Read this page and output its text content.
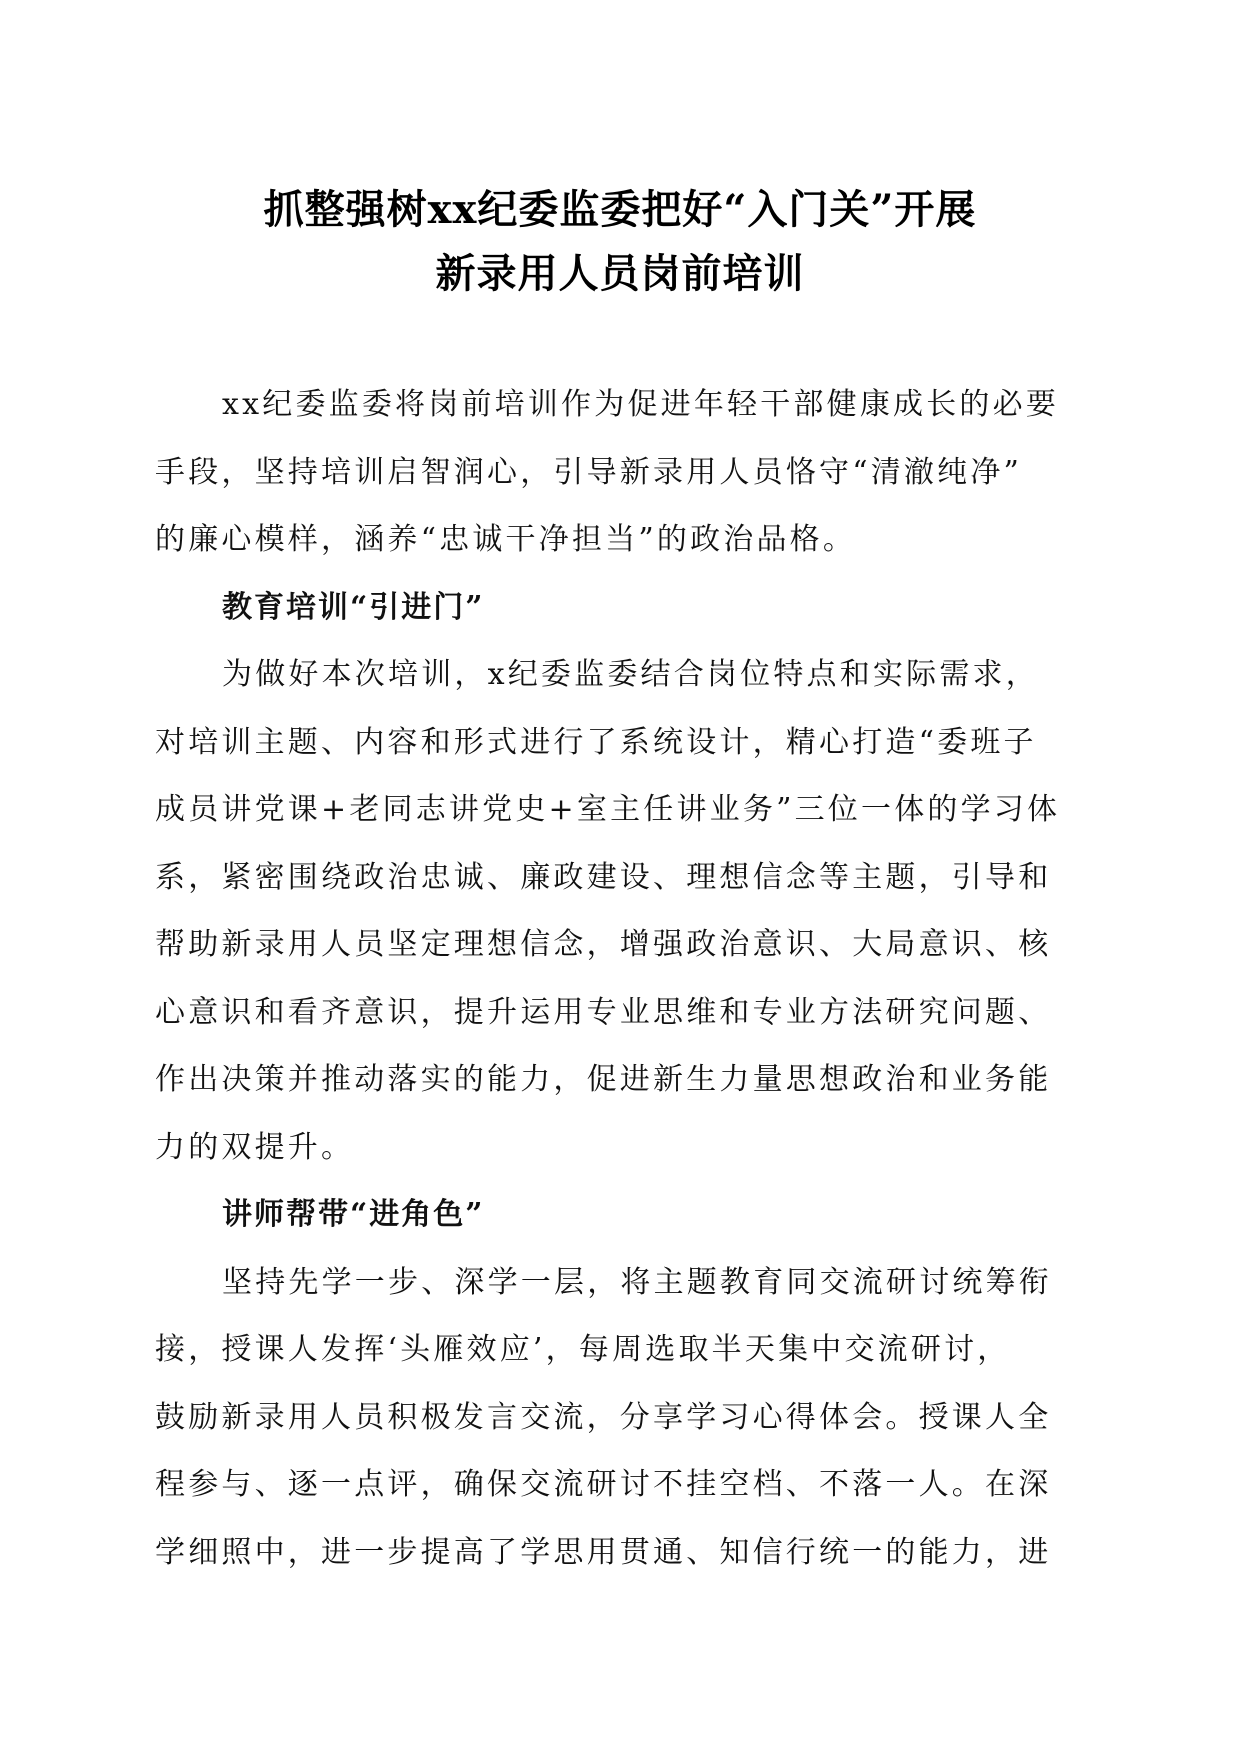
抓整强树xx纪委监委把好“入门关”开展
新录用人员岗前培训
xx纪委监委将岗前培训作为促进年轻干部健康成长的必要
手段，坚持培训启智润心，引导新录用人员恪守“清澈纯净”
的廉心模样，涵养“忠诚干净担当”的政治品格。
教育培训“引进门”
为做好本次培训，x纪委监委结合岗位特点和实际需求，
对培训主题、内容和形式进行了系统设计，精心打造“委班子
成员讲党课+老同志讲党史+室主任讲业务”三位一体的学习体
系，紧密围绕政治忠诚、廉政建设、理想信念等主题，引导和
帮助新录用人员坚定理想信念，增强政治意识、大局意识、核
心意识和看齐意识，提升运用专业思维和专业方法研究问题、
作出决策并推动落实的能力，促进新生力量思想政治和业务能
力的双提升。
讲师帮带“进角色”
坚持先学一步、深学一层，将主题教育同交流研讨统筹衔
接，授课人发挥‘头雁效应’，每周选取半天集中交流研讨，
鼓励新录用人员积极发言交流，分享学习心得体会。授课人全
程参与、逐一点评，确保交流研讨不挂空档、不落一人。在深
学细照中，进一步提高了学思用贯通、知信行统一的能力，进
